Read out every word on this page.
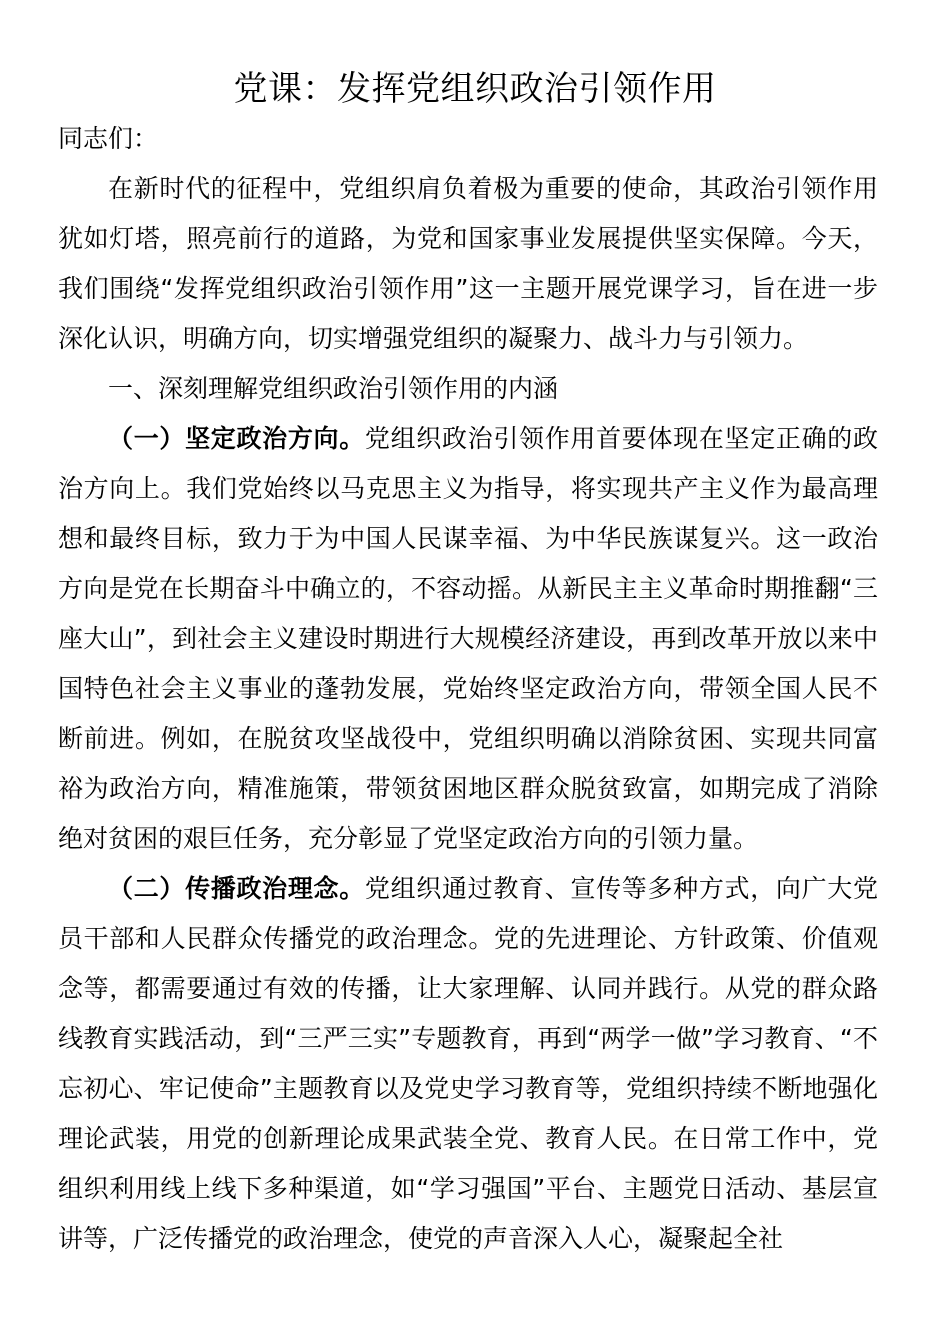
党课：发挥党组织政治引领作用

同志们：

在新时代的征程中，党组织肩负着极为重要的使命，其政治引领作用犹如灯塔，照亮前行的道路，为党和国家事业发展提供坚实保障。今天，我们围绕“发挥党组织政治引领作用”这一主题开展党课学习，旨在进一步深化认识，明确方向，切实增强党组织的凝聚力、战斗力与引领力。

一、深刻理解党组织政治引领作用的内涵

（一）坚定政治方向。党组织政治引领作用首要体现在坚定正确的政治方向上。我们党始终以马克思主义为指导，将实现共产主义作为最高理想和最终目标，致力于为中国人民谋幸福、为中华民族谋复兴。这一政治方向是党在长期奋斗中确立的，不容动摇。从新民主主义革命时期推翻“三座大山”，到社会主义建设时期进行大规模经济建设，再到改革开放以来中国特色社会主义事业的蓬勃发展，党始终坚定政治方向，带领全国人民不断前进。例如，在脱贫攻坚战役中，党组织明确以消除贫困、实现共同富裕为政治方向，精准施策，带领贫困地区群众脱贫致富，如期完成了消除绝对贫困的艰巨任务，充分彰显了党坚定政治方向的引领力量。

（二）传播政治理念。党组织通过教育、宣传等多种方式，向广大党员干部和人民群众传播党的政治理念。党的先进理论、方针政策、价值观念等，都需要通过有效的传播，让大家理解、认同并践行。从党的群众路线教育实践活动，到“三严三实”专题教育，再到“两学一做”学习教育、“不忘初心、牢记使命”主题教育以及党史学习教育等，党组织持续不断地强化理论武装，用党的创新理论成果武装全党、教育人民。在日常工作中，党组织利用线上线下多种渠道，如“学习强国”平台、主题党日活动、基层宣讲等，广泛传播党的政治理念，使党的声音深入人心，凝聚起全社
